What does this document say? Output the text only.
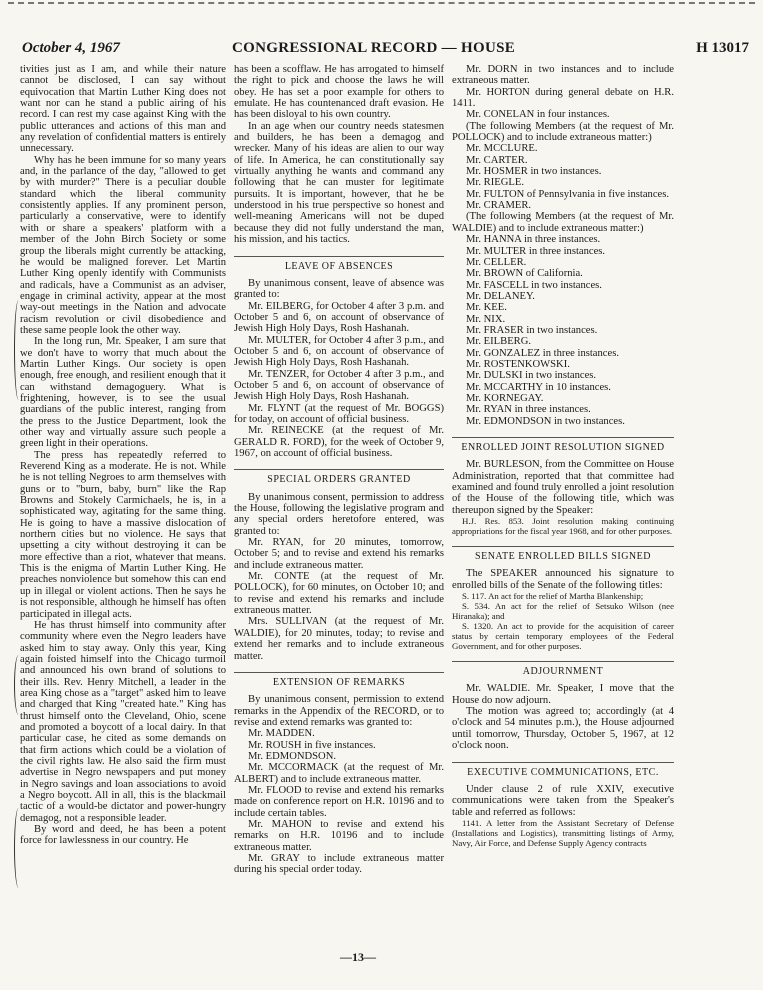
October 4, 1967	CONGRESSIONAL RECORD — HOUSE	H 13017

tivities just as I am, and while their nature cannot be disclosed, I can say without equivocation that Martin Luther King does not want nor can he stand a public airing of his record. I can rest my case against King with the public utterances and actions of this man and any revelation of confidential matters is entirely unnecessary.

Why has he been immune for so many years and, in the parlance of the day, "allowed to get by with murder?" There is a peculiar double standard which the liberal community consistently applies. If any prominent person, particularly a conservative, were to identify with or share a speakers' platform with a member of the John Birch Society or some group the liberals might currently be attacking, he would be maligned forever. Let Martin Luther King openly identify with Communists and radicals, have a Communist as an adviser, engage in criminal activity, appear at the most way-out meetings in the Nation and advocate racism revolution or civil disobedience and these same people look the other way.

In the long run, Mr. Speaker, I am sure that we don't have to worry that much about the Martin Luther Kings. Our society is open enough, free enough, and resilient enough that it can withstand demagoguery. What is frightening, however, is to see the usual guardians of the public interest, ranging from the press to the Justice Department, look the other way and virtually assure such people a green light in their operations.

The press has repeatedly referred to Reverend King as a moderate. He is not. While he is not telling Negroes to arm themselves with guns or to "burn, baby, burn" like the Rap Browns and Stokely Carmichaels, he is, in a sophisticated way, agitating for the same thing. He is going to have a massive dislocation of northern cities but no violence. He says that upsetting a city without destroying it can be more effective than a riot, whatever that means. This is the enigma of Martin Luther King. He preaches nonviolence but somehow this can end up in illegal or violent actions. Then he says he is not responsible, although he himself has often participated in illegal acts.

He has thrust himself into community after community where even the Negro leaders have asked him to stay away. Only this year, King again foisted himself into the Chicago turmoil and announced his own brand of solutions to their ills. Rev. Henry Mitchell, a leader in the area King chose as a "target" asked him to leave and charged that King "created hate." King has thrust himself onto the Cleveland, Ohio, scene and promoted a boycott of a local dairy. In that particular case, he cited as some demands on that firm actions which could be a violation of the civil rights law. He also said the firm must advertise in Negro newspapers and put money in Negro savings and loan associations to avoid a Negro boycott. All in all, this is the blackmail tactic of a would-be dictator and power-hungry demagog, not a responsible leader.

By word and deed, he has been a potent force for lawlessness in our country. He

has been a scofflaw. He has arrogated to himself the right to pick and choose the laws he will obey. He has set a poor example for others to emulate. He has countenanced draft evasion. He has been disloyal to his own country.

In an age when our country needs statesmen and builders, he has been a demagog and wrecker. Many of his ideas are alien to our way of life. In America, he can constitutionally say virtually anything he wants and command any following that he can muster for legitimate pursuits. It is important, however, that he be understood in his true perspective so honest and well-meaning Americans will not be duped because they did not fully understand the man, his mission, and his tactics.

LEAVE OF ABSENCES

By unanimous consent, leave of absence was granted to:

Mr. EILBERG, for October 4 after 3 p.m. and October 5 and 6, on account of observance of Jewish High Holy Days, Rosh Hashanah.

Mr. MULTER, for October 4 after 3 p.m., and October 5 and 6, on account of observance of Jewish High Holy Days, Rosh Hashanah.

Mr. TENZER, for October 4 after 3 p.m., and October 5 and 6, on account of observance of Jewish High Holy Days, Rosh Hashanah.

Mr. FLYNT (at the request of Mr. BOGGS) for today, on account of official business.

Mr. REINECKE (at the request of Mr. GERALD R. FORD), for the week of October 9, 1967, on account of official business.

SPECIAL ORDERS GRANTED

By unanimous consent, permission to address the House, following the legislative program and any special orders heretofore entered, was granted to:

Mr. RYAN, for 20 minutes, tomorrow, October 5; and to revise and extend his remarks and include extraneous matter.

Mr. CONTE (at the request of Mr. POLLOCK), for 60 minutes, on October 10; and to revise and extend his remarks and include extraneous matter.

Mrs. SULLIVAN (at the request of Mr. WALDIE), for 20 minutes, today; to revise and extend her remarks and to include extraneous matter.

EXTENSION OF REMARKS

By unanimous consent, permission to extend remarks in the Appendix of the RECORD, or to revise and extend remarks was granted to:

Mr. MADDEN.

Mr. ROUSH in five instances.

Mr. EDMONDSON.

Mr. MCCORMACK (at the request of Mr. ALBERT) and to include extraneous matter.

Mr. FLOOD to revise and extend his remarks made on conference report on H.R. 10196 and to include certain tables.

Mr. MAHON to revise and extend his remarks on H.R. 10196 and to include extraneous matter.

Mr. GRAY to include extraneous matter during his special order today.

Mr. DORN in two instances and to include extraneous matter.

Mr. HORTON during general debate on H.R. 1411.

Mr. CONELAN in four instances.

(The following Members (at the request of Mr. POLLOCK) and to include extraneous matter:)

Mr. MCCLURE.

Mr. CARTER.

Mr. HOSMER in two instances.

Mr. RIEGLE.

Mr. FULTON of Pennsylvania in five instances.

Mr. CRAMER.

(The following Members (at the request of Mr. WALDIE) and to include extraneous matter:)

Mr. HANNA in three instances.

Mr. MULTER in three instances.

Mr. CELLER.

Mr. BROWN of California.

Mr. FASCELL in two instances.

Mr. DELANEY.

Mr. KEE.

Mr. NIX.

Mr. FRASER in two instances.

Mr. EILBERG.

Mr. GONZALEZ in three instances.

Mr. ROSTENKOWSKI.

Mr. DULSKI in two instances.

Mr. MCCARTHY in 10 instances.

Mr. KORNEGAY.

Mr. RYAN in three instances.

Mr. EDMONDSON in two instances.

ENROLLED JOINT RESOLUTION SIGNED

Mr. BURLESON, from the Committee on House Administration, reported that that committee had examined and found truly enrolled a joint resolution of the House of the following title, which was thereupon signed by the Speaker:

H.J. Res. 853. Joint resolution making continuing appropriations for the fiscal year 1968, and for other purposes.

SENATE ENROLLED BILLS SIGNED

The SPEAKER announced his signature to enrolled bills of the Senate of the following titles:

S. 117. An act for the relief of Martha Blankenship;

S. 534. An act for the relief of Setsuko Wilson (nee Hiranaka); and

S. 1320. An act to provide for the acquisition of career status by certain temporary employees of the Federal Government, and for other purposes.

ADJOURNMENT

Mr. WALDIE. Mr. Speaker, I move that the House do now adjourn.

The motion was agreed to; accordingly (at 4 o'clock and 54 minutes p.m.), the House adjourned until tomorrow, Thursday, October 5, 1967, at 12 o'clock noon.

EXECUTIVE COMMUNICATIONS, ETC.

Under clause 2 of rule XXIV, executive communications were taken from the Speaker's table and referred as follows:

1141. A letter from the Assistant Secretary of Defense (Installations and Logistics), transmitting listings of Army, Navy, Air Force, and Defense Supply Agency contracts

—13—
